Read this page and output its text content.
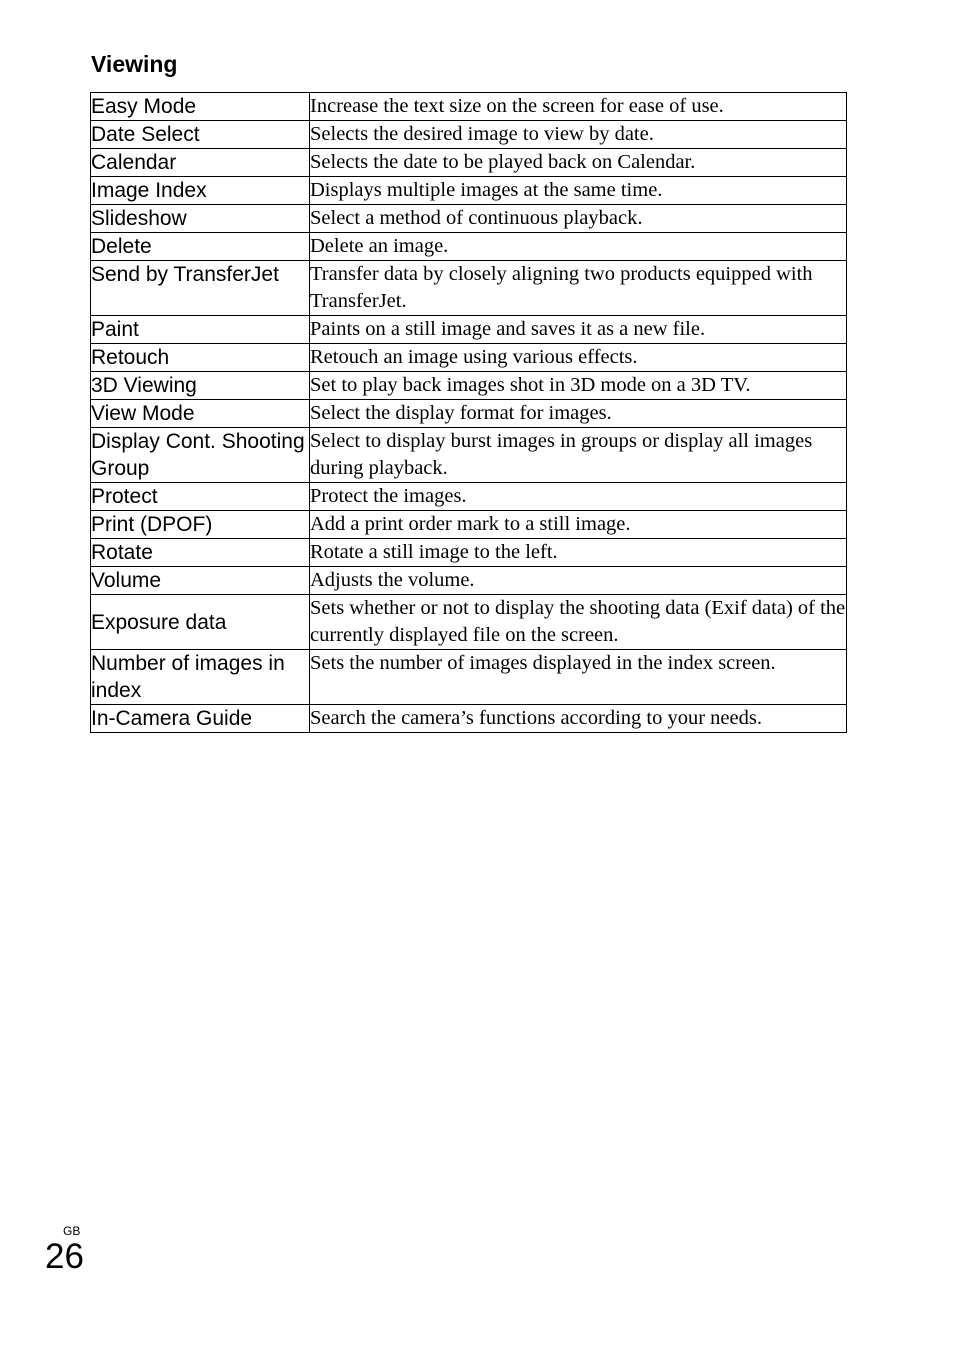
Viewing
Easy Mode	Increase the text size on the screen for ease of use.
Date Select	Selects the desired image to view by date.
Calendar	Selects the date to be played back on Calendar.
Image Index	Displays multiple images at the same time.
Slideshow	Select a method of continuous playback.
Delete	Delete an image.
Send by TransferJet	Transfer data by closely aligning two products equipped with TransferJet.
Paint	Paints on a still image and saves it as a new file.
Retouch	Retouch an image using various effects.
3D Viewing	Set to play back images shot in 3D mode on a 3D TV.
View Mode	Select the display format for images.
Display Cont. Shooting Group	Select to display burst images in groups or display all images during playback.
Protect	Protect the images.
Print (DPOF)	Add a print order mark to a still image.
Rotate	Rotate a still image to the left.
Volume	Adjusts the volume.
Exposure data	Sets whether or not to display the shooting data (Exif data) of the currently displayed file on the screen.
Number of images in index	Sets the number of images displayed in the index screen.
In-Camera Guide	Search the camera’s functions according to your needs.
GB
26
